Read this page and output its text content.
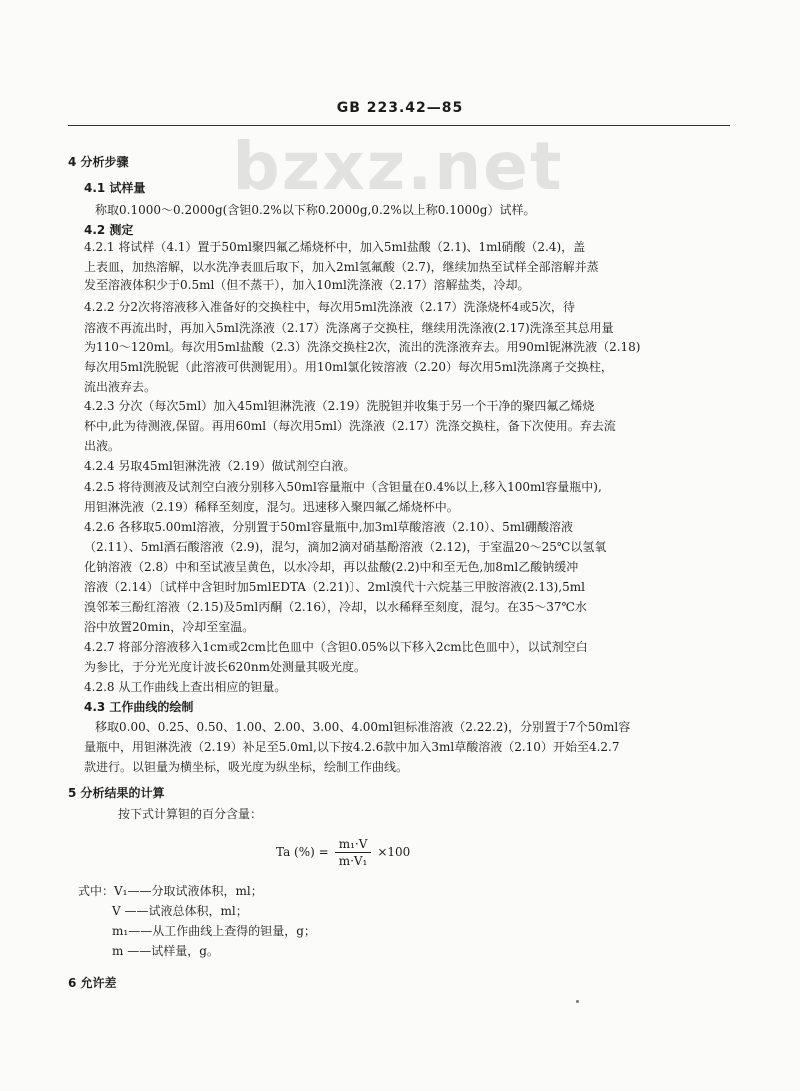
GB 223.42—85
bzxz.net
4 分析步骤
4.1 试样量
称取0.1000～0.2000g(含钽0.2%以下称0.2000g,0.2%以上称0.1000g）试样。
4.2 测定
4.2.1 将试样（4.1）置于50ml聚四氟乙烯烧杯中，加入5ml盐酸（2.1)、1ml硝酸（2.4)，盖
上表皿，加热溶解，以水洗净表皿后取下，加入2ml氢氟酸（2.7)，继续加热至试样全部溶解并蒸
发至溶液体积少于0.5ml（但不蒸干），加入10ml洗涤液（2.17）溶解盐类，冷却。
4.2.2 分2次将溶液移入准备好的交换柱中，每次用5ml洗涤液（2.17）洗涤烧杯4或5次，待
溶液不再流出时，再加入5ml洗涤液（2.17）洗涤离子交换柱，继续用洗涤液(2.17)洗涤至其总用量
为110～120ml。每次用5ml盐酸（2.3）洗涤交换柱2次，流出的洗涤液弃去。用90ml铌淋洗液（2.18)
每次用5ml洗脱铌（此溶液可供测铌用）。用10ml氯化铵溶液（2.20）每次用5ml洗涤离子交换柱，
流出液弃去。
4.2.3 分次（每次5ml）加入45ml钽淋洗液（2.19）洗脱钽并收集于另一个干净的聚四氟乙烯烧
杯中,此为待测液,保留。再用60ml（每次用5ml）洗涤液（2.17）洗涤交换柱，备下次使用。弃去流
出液。
4.2.4 另取45ml钽淋洗液（2.19）做试剂空白液。
4.2.5 将待测液及试剂空白液分别移入50ml容量瓶中（含钽量在0.4%以上,移入100ml容量瓶中),
用钽淋洗液（2.19）稀释至刻度，混匀。迅速移入聚四氟乙烯烧杯中。
4.2.6 各移取5.00ml溶液，分别置于50ml容量瓶中,加3ml草酸溶液（2.10）、5ml硼酸溶液
（2.11）、5ml酒石酸溶液（2.9)，混匀，滴加2滴对硝基酚溶液（2.12)，于室温20～25℃以氢氧
化钠溶液（2.8）中和至试液呈黄色，以水冷却，再以盐酸(2.2)中和至无色,加8ml乙酸钠缓冲
溶液（2.14）〔试样中含钽时加5mlEDTA（2.21)〕、2ml溴代十六烷基三甲胺溶液(2.13),5ml
溴邻苯三酚红溶液（2.15)及5ml丙酮（2.16），冷却，以水稀释至刻度，混匀。在35～37℃水
浴中放置20min，冷却至室温。
4.2.7 将部分溶液移入1cm或2cm比色皿中（含钽0.05%以下移入2cm比色皿中），以试剂空白
为参比，于分光光度计波长620nm处测量其吸光度。
4.2.8 从工作曲线上查出相应的钽量。
4.3 工作曲线的绘制
移取0.00、0.25、0.50、1.00、2.00、3.00、4.00ml钽标准溶液（2.22.2)，分别置于7个50ml容
量瓶中，用钽淋洗液（2.19）补足至5.0ml,以下按4.2.6款中加入3ml草酸溶液（2.10）开始至4.2.7
款进行。以钽量为横坐标，吸光度为纵坐标，绘制工作曲线。
5 分析结果的计算
按下式计算钽的百分含量：
Ta (%) = $\frac{\text{m₁·V}}{\text{m·V₁}} \times 100$
式中：V₁——分取试液体积，ml；
V ——试液总体积，ml；
m₁——从工作曲线上查得的钽量，g；
m ——试样量，g。
6 允许差
